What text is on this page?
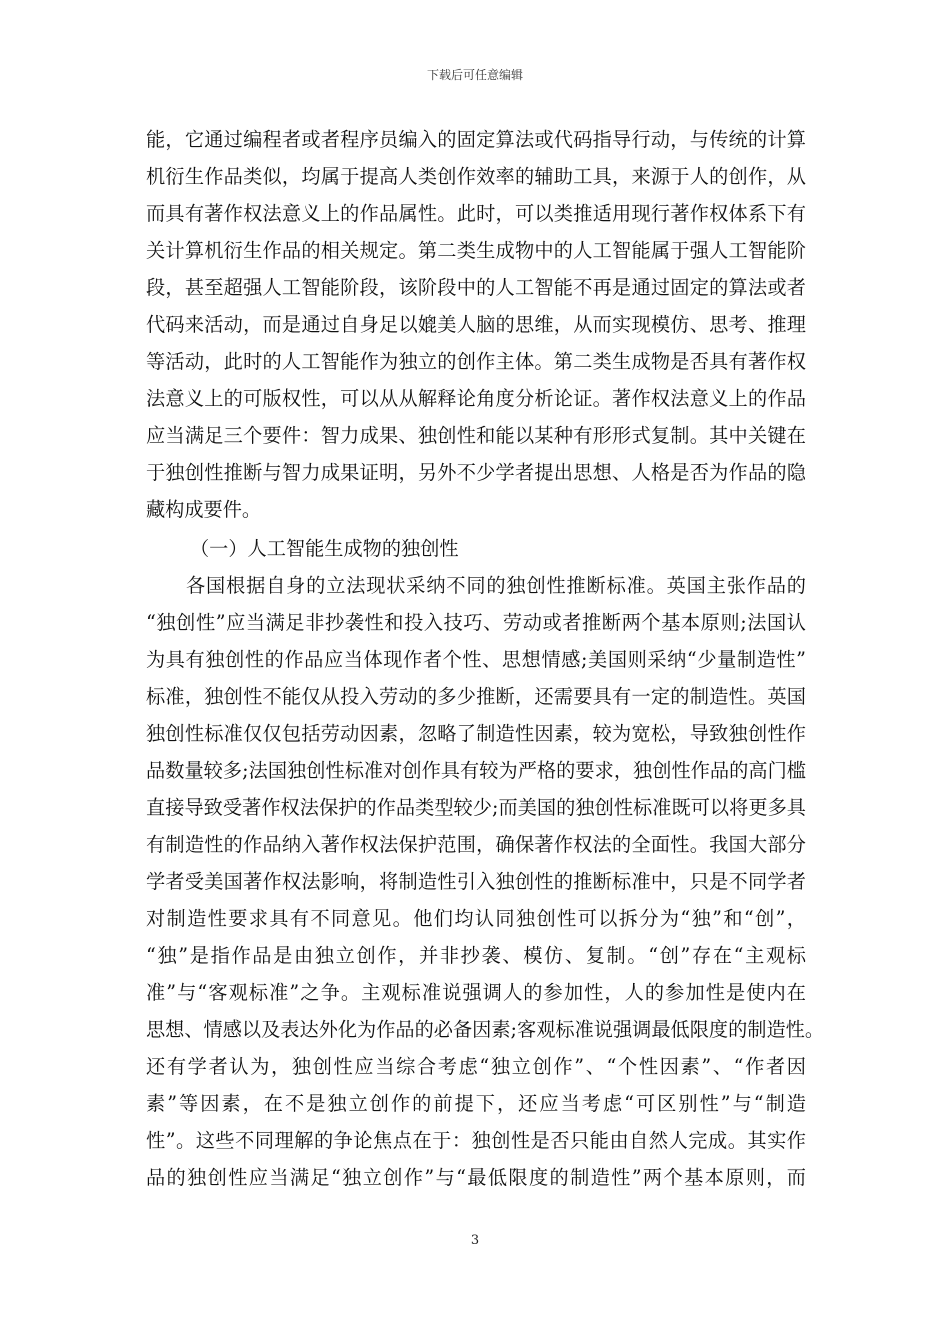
下载后可任意编辑
能，它通过编程者或者程序员编入的固定算法或代码指导行动，与传统的计算
机衍生作品类似，均属于提高人类创作效率的辅助工具，来源于人的创作，从
而具有著作权法意义上的作品属性。此时，可以类推适用现行著作权体系下有
关计算机衍生作品的相关规定。第二类生成物中的人工智能属于强人工智能阶
段，甚至超强人工智能阶段，该阶段中的人工智能不再是通过固定的算法或者
代码来活动，而是通过自身足以媲美人脑的思维，从而实现模仿、思考、推理
等活动，此时的人工智能作为独立的创作主体。第二类生成物是否具有著作权
法意义上的可版权性，可以从从解释论角度分析论证。著作权法意义上的作品
应当满足三个要件：智力成果、独创性和能以某种有形形式复制。其中关键在
于独创性推断与智力成果证明，另外不少学者提出思想、人格是否为作品的隐
藏构成要件。
（一）人工智能生成物的独创性
各国根据自身的立法现状采纳不同的独创性推断标准。英国主张作品的
“独创性”应当满足非抄袭性和投入技巧、劳动或者推断两个基本原则;法国认
为具有独创性的作品应当体现作者个性、思想情感;美国则采纳“少量制造性”
标准，独创性不能仅从投入劳动的多少推断，还需要具有一定的制造性。英国
独创性标准仅仅包括劳动因素，忽略了制造性因素，较为宽松，导致独创性作
品数量较多;法国独创性标准对创作具有较为严格的要求，独创性作品的高门槛
直接导致受著作权法保护的作品类型较少;而美国的独创性标准既可以将更多具
有制造性的作品纳入著作权法保护范围，确保著作权法的全面性。我国大部分
学者受美国著作权法影响，将制造性引入独创性的推断标准中，只是不同学者
对制造性要求具有不同意见。他们均认同独创性可以拆分为“独”和“创”，
“独”是指作品是由独立创作，并非抄袭、模仿、复制。“创”存在“主观标
准”与“客观标准”之争。主观标准说强调人的参加性，人的参加性是使内在
思想、情感以及表达外化为作品的必备因素;客观标准说强调最低限度的制造性。
还有学者认为，独创性应当综合考虑“独立创作”、“个性因素”、“作者因
素”等因素，在不是独立创作的前提下，还应当考虑“可区别性”与“制造
性”。这些不同理解的争论焦点在于：独创性是否只能由自然人完成。其实作
品的独创性应当满足“独立创作”与“最低限度的制造性”两个基本原则，而
3
